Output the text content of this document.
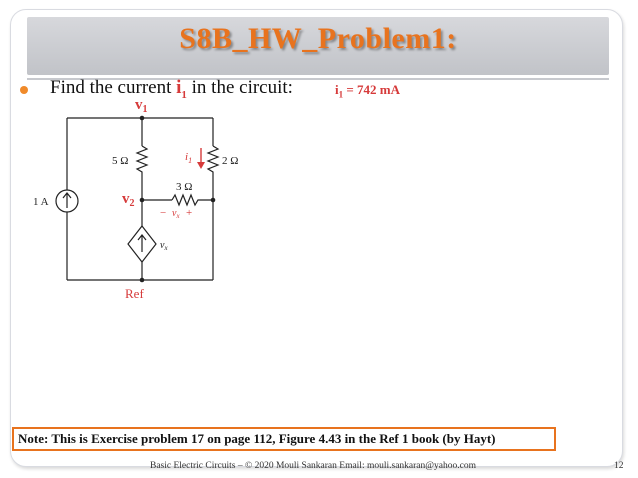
S8B_HW_Problem1:
Find the current $i_1$ in the circuit:	$i_1 = 742$ mA
$v_1$
$v_2$
Ref
5 Ω	2 Ω
3 Ω
1 A
$i_1$
− $v_x$ +
$v_x$
Note: This is Exercise problem 17 on page 112, Figure 4.43 in the Ref 1 book (by Hayt)
Basic Electric Circuits – © 2020 Mouli Sankaran Email: mouli.sankaran@yahoo.com	12
